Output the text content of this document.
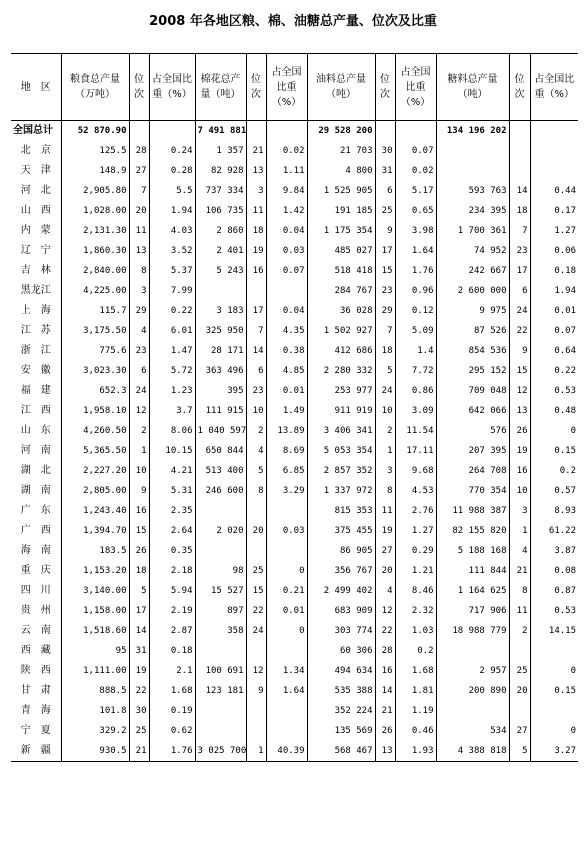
2008 年各地区粮、棉、油糖总产量、位次及比重
地　区	粮食总产量（万吨）	位次	占全国比重（%）	棉花总产量（吨）	位次	占全国比重（%）	油料总产量（吨）	位次	占全国比重（%）	糖料总产量（吨）	位次	占全国比重（%）
全国总计	52 870.90			7 491 881			29 528 200			134 196 202		
北　京	125.5	28	0.24	1 357	21	0.02	21 703	30	0.07			
天　津	148.9	27	0.28	82 928	13	1.11	4 800	31	0.02			
河　北	2,905.80	7	5.5	737 334	3	9.84	1 525 905	6	5.17	593 763	14	0.44
山　西	1,028.00	20	1.94	106 735	11	1.42	191 185	25	0.65	234 395	18	0.17
内　蒙	2,131.30	11	4.03	2 860	18	0.04	1 175 354	9	3.98	1 700 361	7	1.27
辽　宁	1,860.30	13	3.52	2 401	19	0.03	485 027	17	1.64	74 952	23	0.06
吉　林	2,840.00	8	5.37	5 243	16	0.07	518 418	15	1.76	242 667	17	0.18
黑龙江	4,225.00	3	7.99				284 767	23	0.96	2 600 000	6	1.94
上　海	115.7	29	0.22	3 183	17	0.04	36 028	29	0.12	9 975	24	0.01
江　苏	3,175.50	4	6.01	325 950	7	4.35	1 502 927	7	5.09	87 526	22	0.07
浙　江	775.6	23	1.47	28 171	14	0.38	412 686	18	1.4	854 536	9	0.64
安　徽	3,023.30	6	5.72	363 496	6	4.85	2 280 332	5	7.72	295 152	15	0.22
福　建	652.3	24	1.23	395	23	0.01	253 977	24	0.86	709 048	12	0.53
江　西	1,958.10	12	3.7	111 915	10	1.49	911 919	10	3.09	642 066	13	0.48
山　东	4,260.50	2	8.06	1 040 597	2	13.89	3 406 341	2	11.54	576	26	0
河　南	5,365.50	1	10.15	650 844	4	8.69	5 053 354	1	17.11	207 395	19	0.15
湖　北	2,227.20	10	4.21	513 400	5	6.85	2 857 352	3	9.68	264 708	16	0.2
湖　南	2,805.00	9	5.31	246 600	8	3.29	1 337 972	8	4.53	770 354	10	0.57
广　东	1,243.40	16	2.35				815 353	11	2.76	11 988 387	3	8.93
广　西	1,394.70	15	2.64	2 020	20	0.03	375 455	19	1.27	82 155 820	1	61.22
海　南	183.5	26	0.35				86 905	27	0.29	5 188 168	4	3.87
重　庆	1,153.20	18	2.18	98	25	0	356 767	20	1.21	111 844	21	0.08
四　川	3,140.00	5	5.94	15 527	15	0.21	2 499 402	4	8.46	1 164 625	8	0.87
贵　州	1,158.00	17	2.19	897	22	0.01	683 909	12	2.32	717 906	11	0.53
云　南	1,518.60	14	2.87	358	24	0	303 774	22	1.03	18 988 779	2	14.15
西　藏	95	31	0.18				60 306	28	0.2			
陕　西	1,111.00	19	2.1	100 691	12	1.34	494 634	16	1.68	2 957	25	0
甘　肃	888.5	22	1.68	123 181	9	1.64	535 388	14	1.81	200 890	20	0.15
青　海	101.8	30	0.19				352 224	21	1.19			
宁　夏	329.2	25	0.62				135 569	26	0.46	534	27	0
新　疆	930.5	21	1.76	3 025 700	1	40.39	568 467	13	1.93	4 388 818	5	3.27
